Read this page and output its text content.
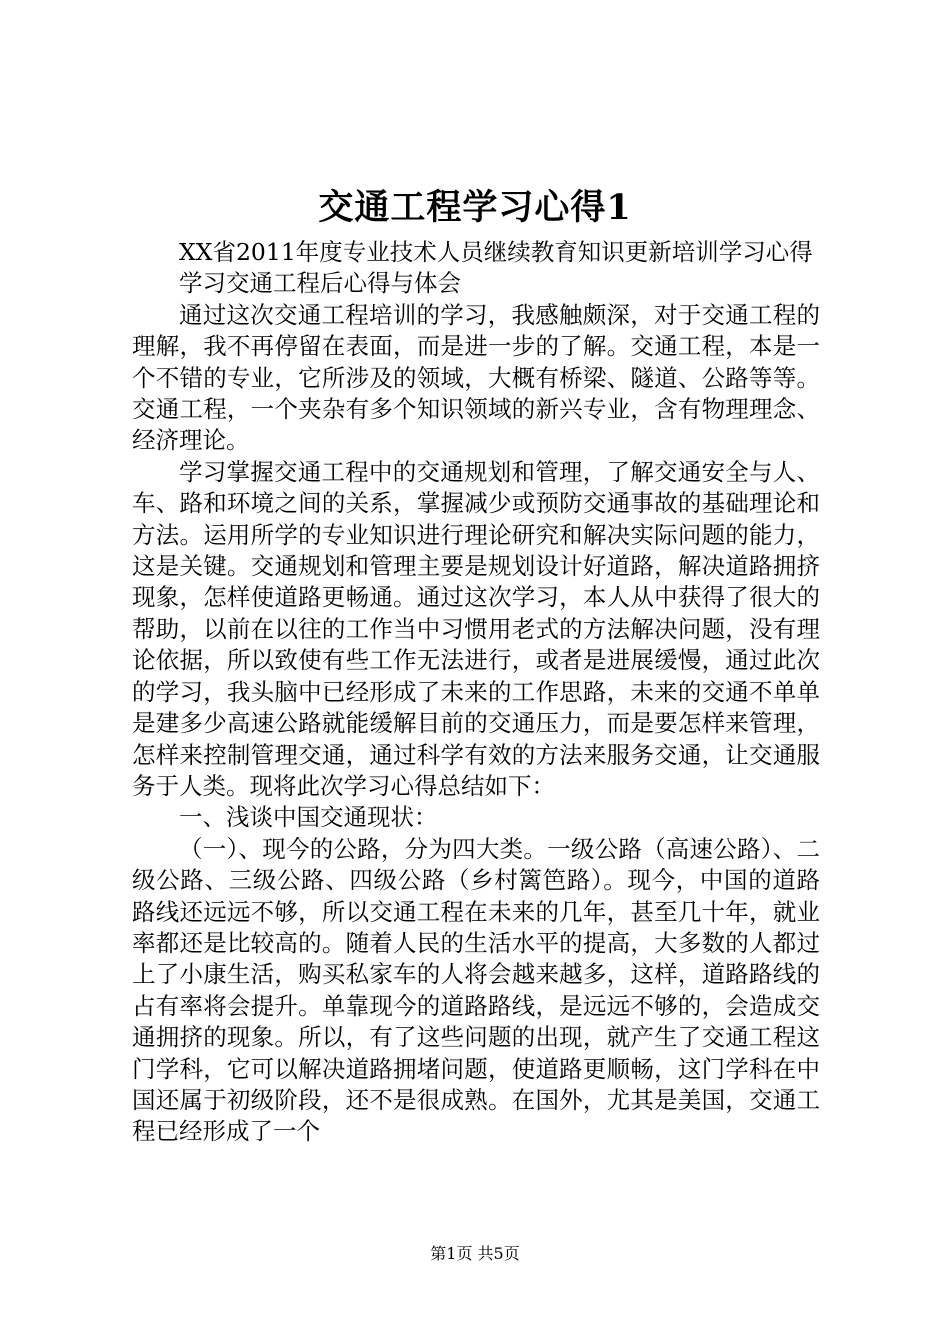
交通工程学习心得1

XX省2011年度专业技术人员继续教育知识更新培训学习心得

学习交通工程后心得与体会

通过这次交通工程培训的学习，我感触颇深，对于交通工程的理解，我不再停留在表面，而是进一步的了解。交通工程，本是一个不错的专业，它所涉及的领域，大概有桥梁、隧道、公路等等。交通工程，一个夹杂有多个知识领域的新兴专业，含有物理理念、经济理论。

学习掌握交通工程中的交通规划和管理，了解交通安全与人、车、路和环境之间的关系，掌握减少或预防交通事故的基础理论和方法。运用所学的专业知识进行理论研究和解决实际问题的能力，这是关键。交通规划和管理主要是规划设计好道路，解决道路拥挤现象，怎样使道路更畅通。通过这次学习，本人从中获得了很大的帮助，以前在以往的工作当中习惯用老式的方法解决问题，没有理论依据，所以致使有些工作无法进行，或者是进展缓慢，通过此次的学习，我头脑中已经形成了未来的工作思路，未来的交通不单单是建多少高速公路就能缓解目前的交通压力，而是要怎样来管理，怎样来控制管理交通，通过科学有效的方法来服务交通，让交通服务于人类。现将此次学习心得总结如下：

一、浅谈中国交通现状：

（一）、现今的公路，分为四大类。一级公路（高速公路）、二级公路、三级公路、四级公路（乡村篱笆路）。现今，中国的道路路线还远远不够，所以交通工程在未来的几年，甚至几十年，就业率都还是比较高的。随着人民的生活水平的提高，大多数的人都过上了小康生活，购买私家车的人将会越来越多，这样，道路路线的占有率将会提升。单靠现今的道路路线，是远远不够的，会造成交通拥挤的现象。所以，有了这些问题的出现，就产生了交通工程这门学科，它可以解决道路拥堵问题，使道路更顺畅，这门学科在中国还属于初级阶段，还不是很成熟。在国外，尤其是美国，交通工程已经形成了一个

第1页 共5页
